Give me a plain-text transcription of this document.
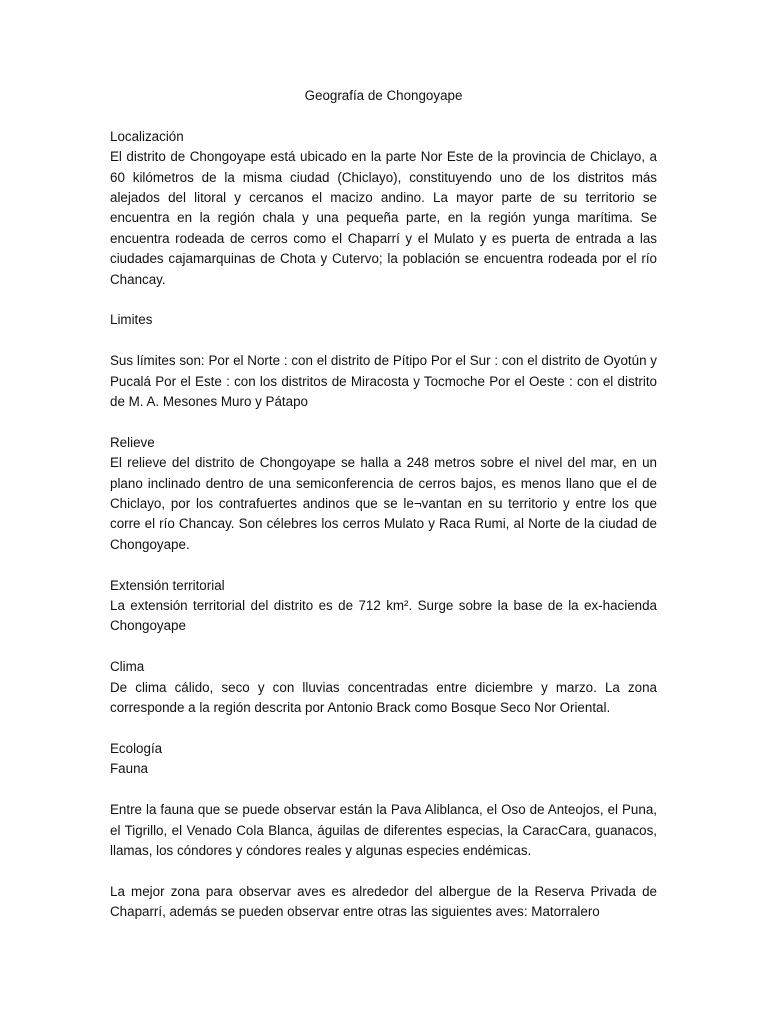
Geografía de Chongoyape
Localización

El distrito de Chongoyape está ubicado en la parte Nor Este de la provincia de Chiclayo, a 60 kilómetros de la misma ciudad (Chiclayo), constituyendo uno de los distritos más alejados del litoral y cercanos el macizo andino. La mayor parte de su territorio se encuentra en la región chala y una pequeña parte, en la región yunga marítima. Se encuentra rodeada de cerros como el Chaparrí y el Mulato y es puerta de entrada a las ciudades cajamarquinas de Chota y Cutervo; la población se encuentra rodeada por el río Chancay.

Limites

Sus límites son: Por el Norte : con el distrito de Pítipo Por el Sur : con el distrito de Oyotún y Pucalá Por el Este : con los distritos de Miracosta y Tocmoche Por el Oeste : con el distrito de M. A. Mesones Muro y Pátapo

Relieve

El relieve del distrito de Chongoyape se halla a 248 metros sobre el nivel del mar, en un plano inclinado dentro de una semiconferencia de cerros bajos, es menos llano que el de Chiclayo, por los contrafuertes andinos que se le¬vantan en su territorio y entre los que corre el río Chancay. Son célebres los cerros Mulato y Raca Rumi, al Norte de la ciudad de Chongoyape.

Extensión territorial

La extensión territorial del distrito es de 712 km². Surge sobre la base de la ex-hacienda Chongoyape

Clima

De clima cálido, seco y con lluvias concentradas entre diciembre y marzo. La zona corresponde a la región descrita por Antonio Brack como Bosque Seco Nor Oriental.

Ecología
Fauna

Entre la fauna que se puede observar están la Pava Aliblanca, el Oso de Anteojos, el Puna, el Tigrillo, el Venado Cola Blanca, águilas de diferentes especias, la CaracCara, guanacos, llamas, los cóndores y cóndores reales y algunas especies endémicas.

La mejor zona para observar aves es alrededor del albergue de la Reserva Privada de Chaparrí, además se pueden observar entre otras las siguientes aves: Matorralero
